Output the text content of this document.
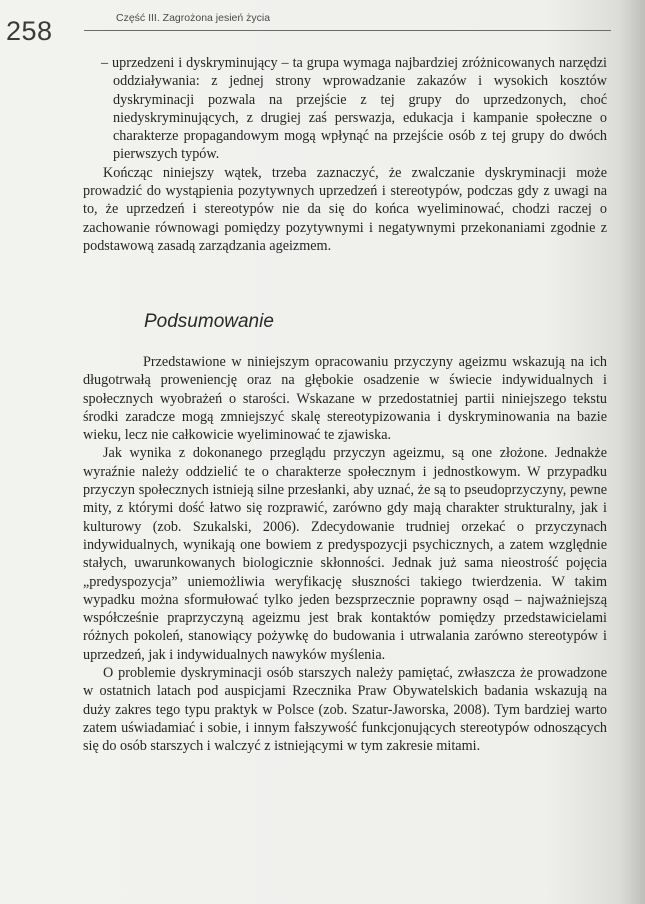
258	Część III. Zagrożona jesień życia

– uprzedzeni i dyskryminujący – ta grupa wymaga najbardziej zróżnicowanych narzędzi oddziaływania: z jednej strony wprowadzanie zakazów i wysokich kosztów dyskryminacji pozwala na przejście z tej grupy do uprzedzonych, choć niedyskryminujących, z drugiej zaś perswazja, edukacja i kampanie społeczne o charakterze propagandowym mogą wpłynąć na przejście osób z tej grupy do dwóch pierwszych typów.

Kończąc niniejszy wątek, trzeba zaznaczyć, że zwalczanie dyskryminacji może prowadzić do wystąpienia pozytywnych uprzedzeń i stereotypów, podczas gdy z uwagi na to, że uprzedzeń i stereotypów nie da się do końca wyeliminować, chodzi raczej o zachowanie równowagi pomiędzy pozytywnymi i negatywnymi przekonaniami zgodnie z podstawową zasadą zarządzania ageizmem.

Podsumowanie

Przedstawione w niniejszym opracowaniu przyczyny ageizmu wskazują na ich długotrwałą proweniencję oraz na głębokie osadzenie w świecie indywidualnych i społecznych wyobrażeń o starości. Wskazane w przedostatniej partii niniejszego tekstu środki zaradcze mogą zmniejszyć skalę stereotypizowania i dyskryminowania na bazie wieku, lecz nie całkowicie wyeliminować te zjawiska.

Jak wynika z dokonanego przeglądu przyczyn ageizmu, są one złożone. Jednakże wyraźnie należy oddzielić te o charakterze społecznym i jednostkowym. W przypadku przyczyn społecznych istnieją silne przesłanki, aby uznać, że są to pseudoprzyczyny, pewne mity, z którymi dość łatwo się rozprawić, zarówno gdy mają charakter strukturalny, jak i kulturowy (zob. Szukalski, 2006). Zdecydowanie trudniej orzekać o przyczynach indywidualnych, wynikają one bowiem z predyspozycji psychicznych, a zatem względnie stałych, uwarunkowanych biologicznie skłonności. Jednak już sama nieostrość pojęcia „predyspozycja” uniemożliwia weryfikację słuszności takiego twierdzenia. W takim wypadku można sformułować tylko jeden bezsprzecznie poprawny osąd – najważniejszą współcześnie praprzyczyną ageizmu jest brak kontaktów pomiędzy przedstawicielami różnych pokoleń, stanowiący pożywkę do budowania i utrwalania zarówno stereotypów i uprzedzeń, jak i indywidualnych nawyków myślenia.

O problemie dyskryminacji osób starszych należy pamiętać, zwłaszcza że prowadzone w ostatnich latach pod auspicjami Rzecznika Praw Obywatelskich badania wskazują na duży zakres tego typu praktyk w Polsce (zob. Szatur-Jaworska, 2008). Tym bardziej warto zatem uświadamiać i sobie, i innym fałszywość funkcjonujących stereotypów odnoszących się do osób starszych i walczyć z istniejącymi w tym zakresie mitami.
